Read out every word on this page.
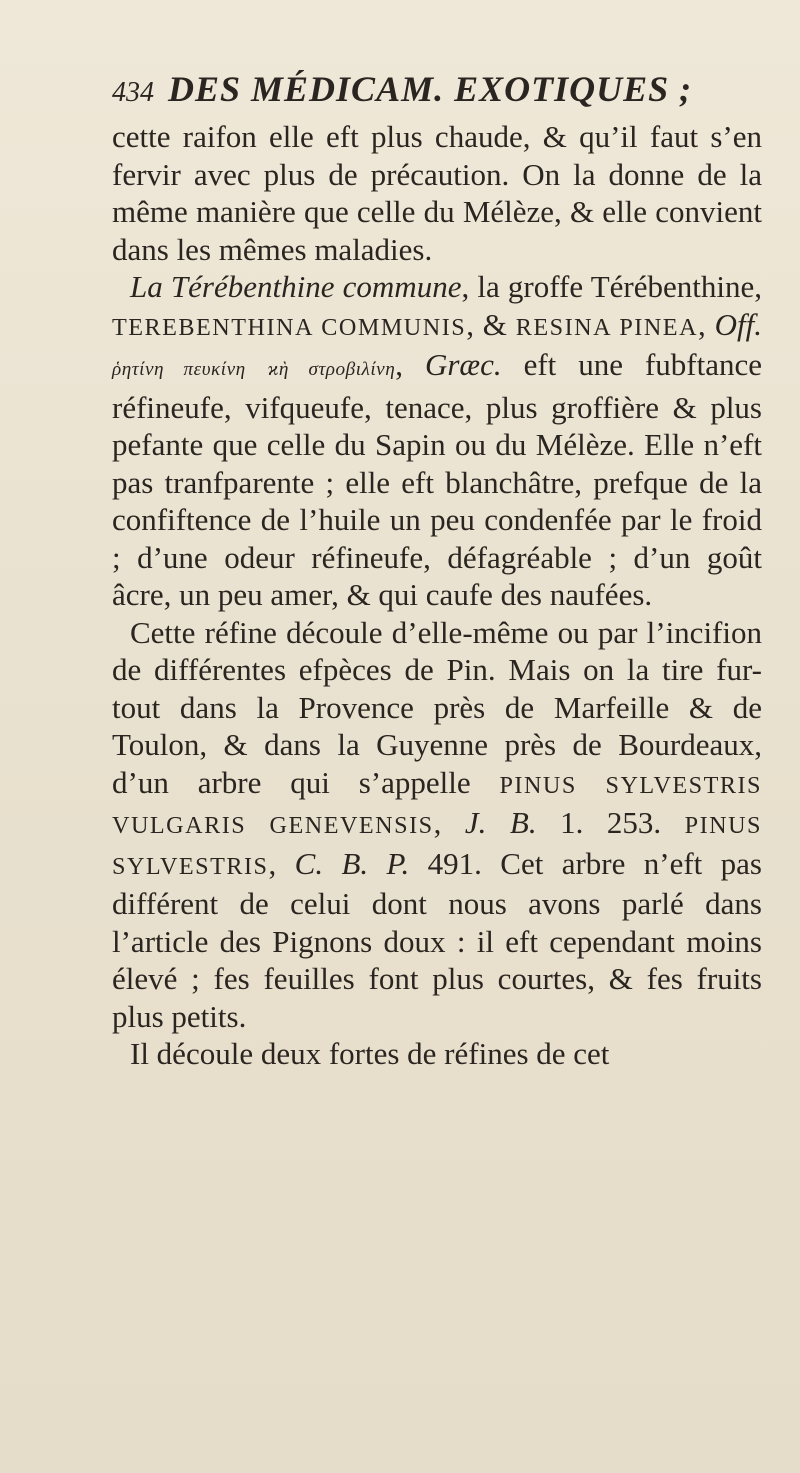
434 DES MÉDICAM. EXOTIQUES ;

cette raifon elle eft plus chaude, & qu’il faut s’en fervir avec plus de précaution. On la donne de la même manière que celle du Mélèze, & elle convient dans les mêmes maladies.

La Térébenthine commune, la groffe Térébenthine, TEREBENTHINA COMMUNIS, & RESINA PINEA, Off. ῥητίνη πευκίνη ϰὴ στροβιλίνη, Græc. eft une fubftance réfineufe, vifqueufe, tenace, plus groffière & plus pefante que celle du Sapin ou du Mélèze. Elle n’eft pas tranfparente ; elle eft blanchâtre, prefque de la confiftence de l’huile un peu condenfée par le froid ; d’une odeur réfineufe, défagréable ; d’un goût âcre, un peu amer, & qui caufe des naufées.

Cette réfine découle d’elle-même ou par l’incifion de différentes efpèces de Pin. Mais on la tire fur-tout dans la Provence près de Marfeille & de Toulon, & dans la Guyenne près de Bourdeaux, d’un arbre qui s’appelle PINUS SYLVESTRIS VULGARIS GENEVENSIS, J. B. 1. 253. PINUS SYLVESTRIS, C. B. P. 491. Cet arbre n’eft pas différent de celui dont nous avons parlé dans l’article des Pignons doux : il eft cependant moins élevé ; fes feuilles font plus courtes, & fes fruits plus petits.

Il découle deux fortes de réfines de cet
